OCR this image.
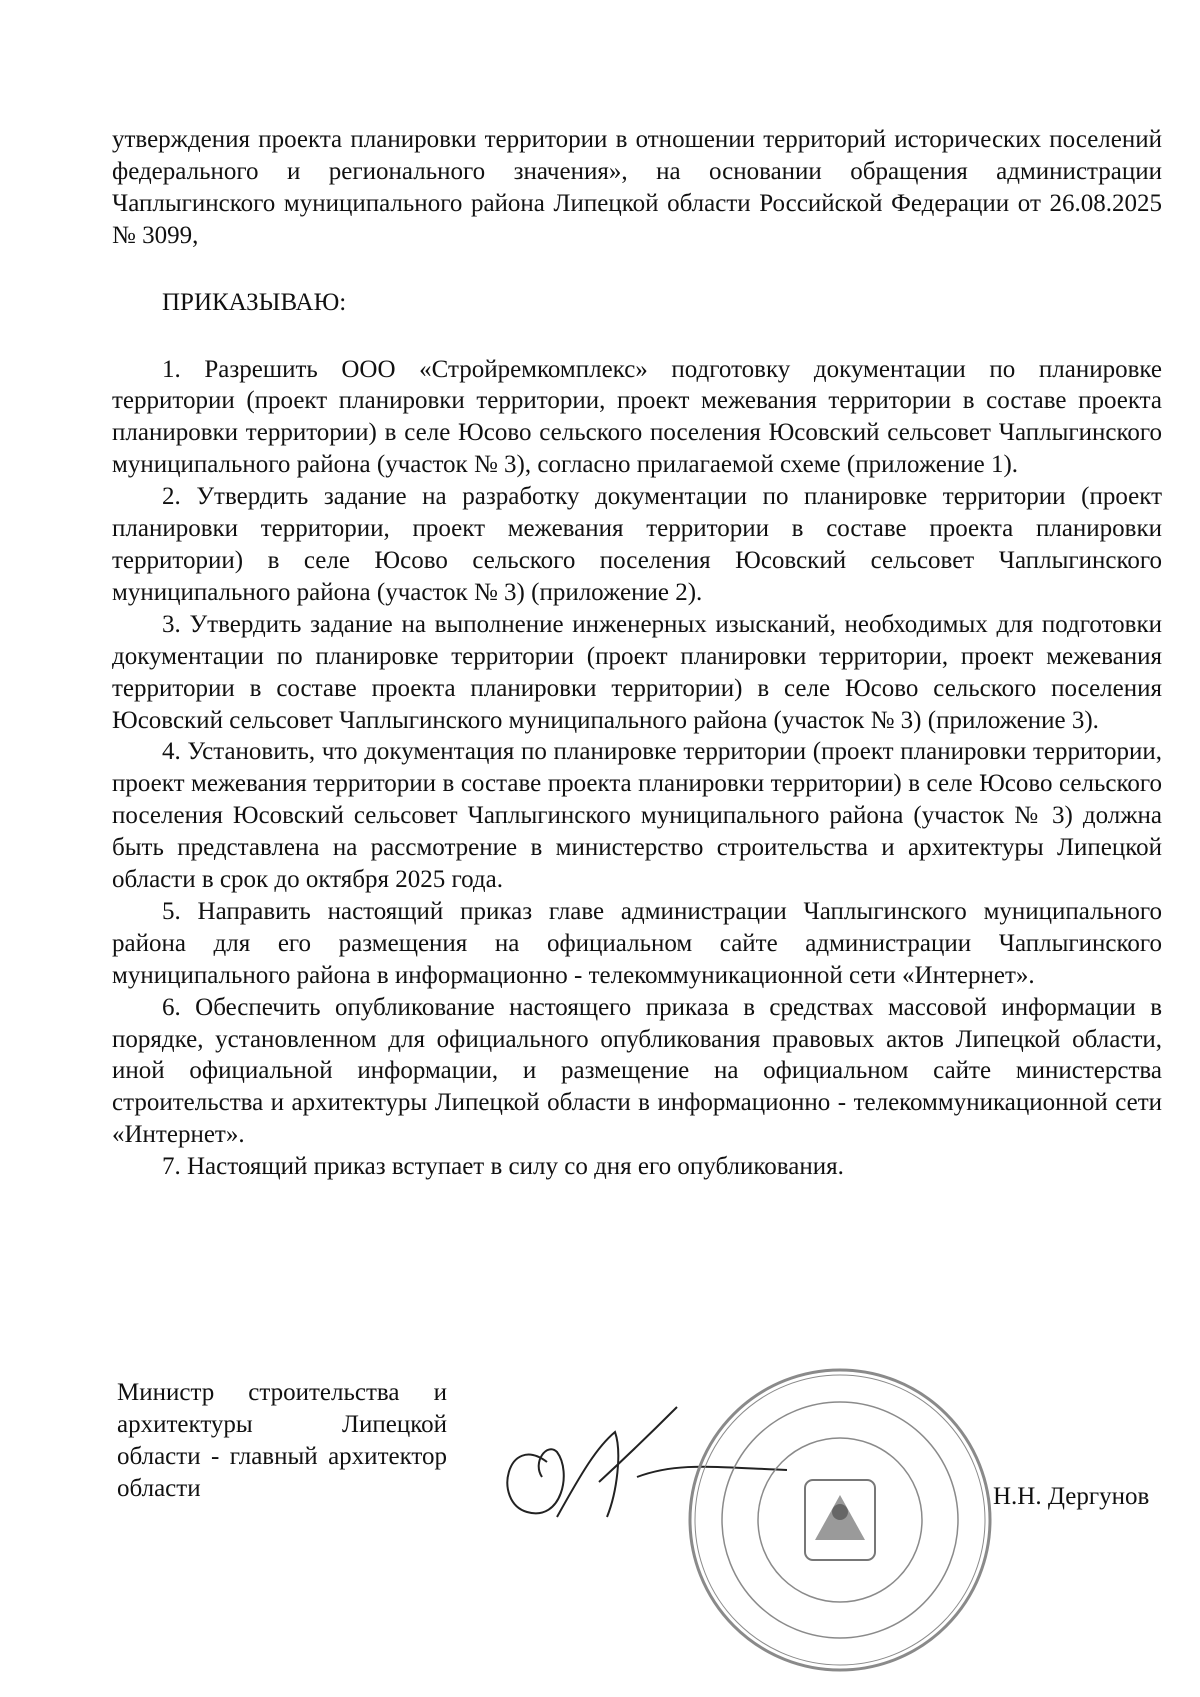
утверждения проекта планировки территории в отношении территорий исторических поселений федерального и регионального значения», на основании обращения администрации Чаплыгинского муниципального района Липецкой области Российской Федерации от 26.08.2025 № 3099,

ПРИКАЗЫВАЮ:

1. Разрешить ООО «Стройремкомплекс» подготовку документации по планировке территории (проект планировки территории, проект межевания территории в составе проекта планировки территории) в селе Юсово сельского поселения Юсовский сельсовет Чаплыгинского муниципального района (участок № 3), согласно прилагаемой схеме (приложение 1).

2. Утвердить задание на разработку документации по планировке территории (проект планировки территории, проект межевания территории в составе проекта планировки территории) в селе Юсово сельского поселения Юсовский сельсовет Чаплыгинского муниципального района (участок № 3) (приложение 2).

3. Утвердить задание на выполнение инженерных изысканий, необходимых для подготовки документации по планировке территории (проект планировки территории, проект межевания территории в составе проекта планировки территории) в селе Юсово сельского поселения Юсовский сельсовет Чаплыгинского муниципального района (участок № 3) (приложение 3).

4. Установить, что документация по планировке территории (проект планировки территории, проект межевания территории в составе проекта планировки территории) в селе Юсово сельского поселения Юсовский сельсовет Чаплыгинского муниципального района (участок № 3) должна быть представлена на рассмотрение в министерство строительства и архитектуры Липецкой области в срок до октября 2025 года.

5. Направить настоящий приказ главе администрации Чаплыгинского муниципального района для его размещения на официальном сайте администрации Чаплыгинского муниципального района в информационно - телекоммуникационной сети «Интернет».

6. Обеспечить опубликование настоящего приказа в средствах массовой информации в порядке, установленном для официального опубликования правовых актов Липецкой области, иной официальной информации, и размещение на официальном сайте министерства строительства и архитектуры Липецкой области в информационно - телекоммуникационной сети «Интернет».

7. Настоящий приказ вступает в силу со дня его опубликования.

Министр строительства и архитектуры Липецкой области - главный архитектор области	Н.Н. Дергунов
